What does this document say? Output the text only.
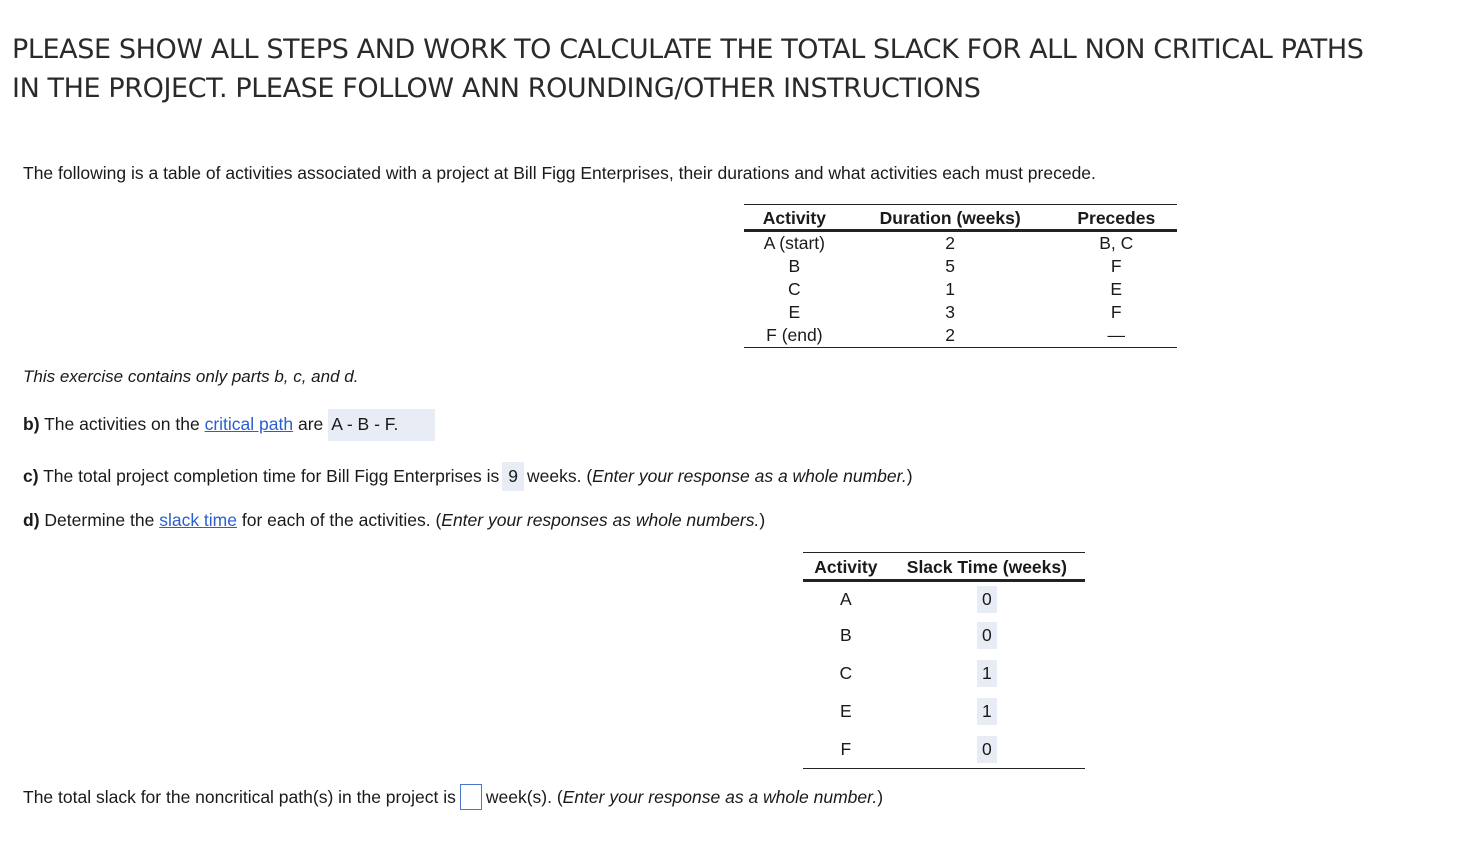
PLEASE SHOW ALL STEPS AND WORK TO CALCULATE THE TOTAL SLACK FOR ALL NON CRITICAL PATHS
IN THE PROJECT. PLEASE FOLLOW ANN ROUNDING/OTHER INSTRUCTIONS
The following is a table of activities associated with a project at Bill Figg Enterprises, their durations and what activities each must precede.
Activity	Duration (weeks)	Precedes
A (start)	2	B, C
B	5	F
C	1	E
E	3	F
F (end)	2	—
This exercise contains only parts b, c, and d.
b) The activities on the critical path are A - B - F.
c) The total project completion time for Bill Figg Enterprises is 9 weeks. (Enter your response as a whole number.)
d) Determine the slack time for each of the activities. (Enter your responses as whole numbers.)
Activity	Slack Time (weeks)
A	0
B	0
C	1
E	1
F	0
The total slack for the noncritical path(s) in the project is week(s). (Enter your response as a whole number.)
